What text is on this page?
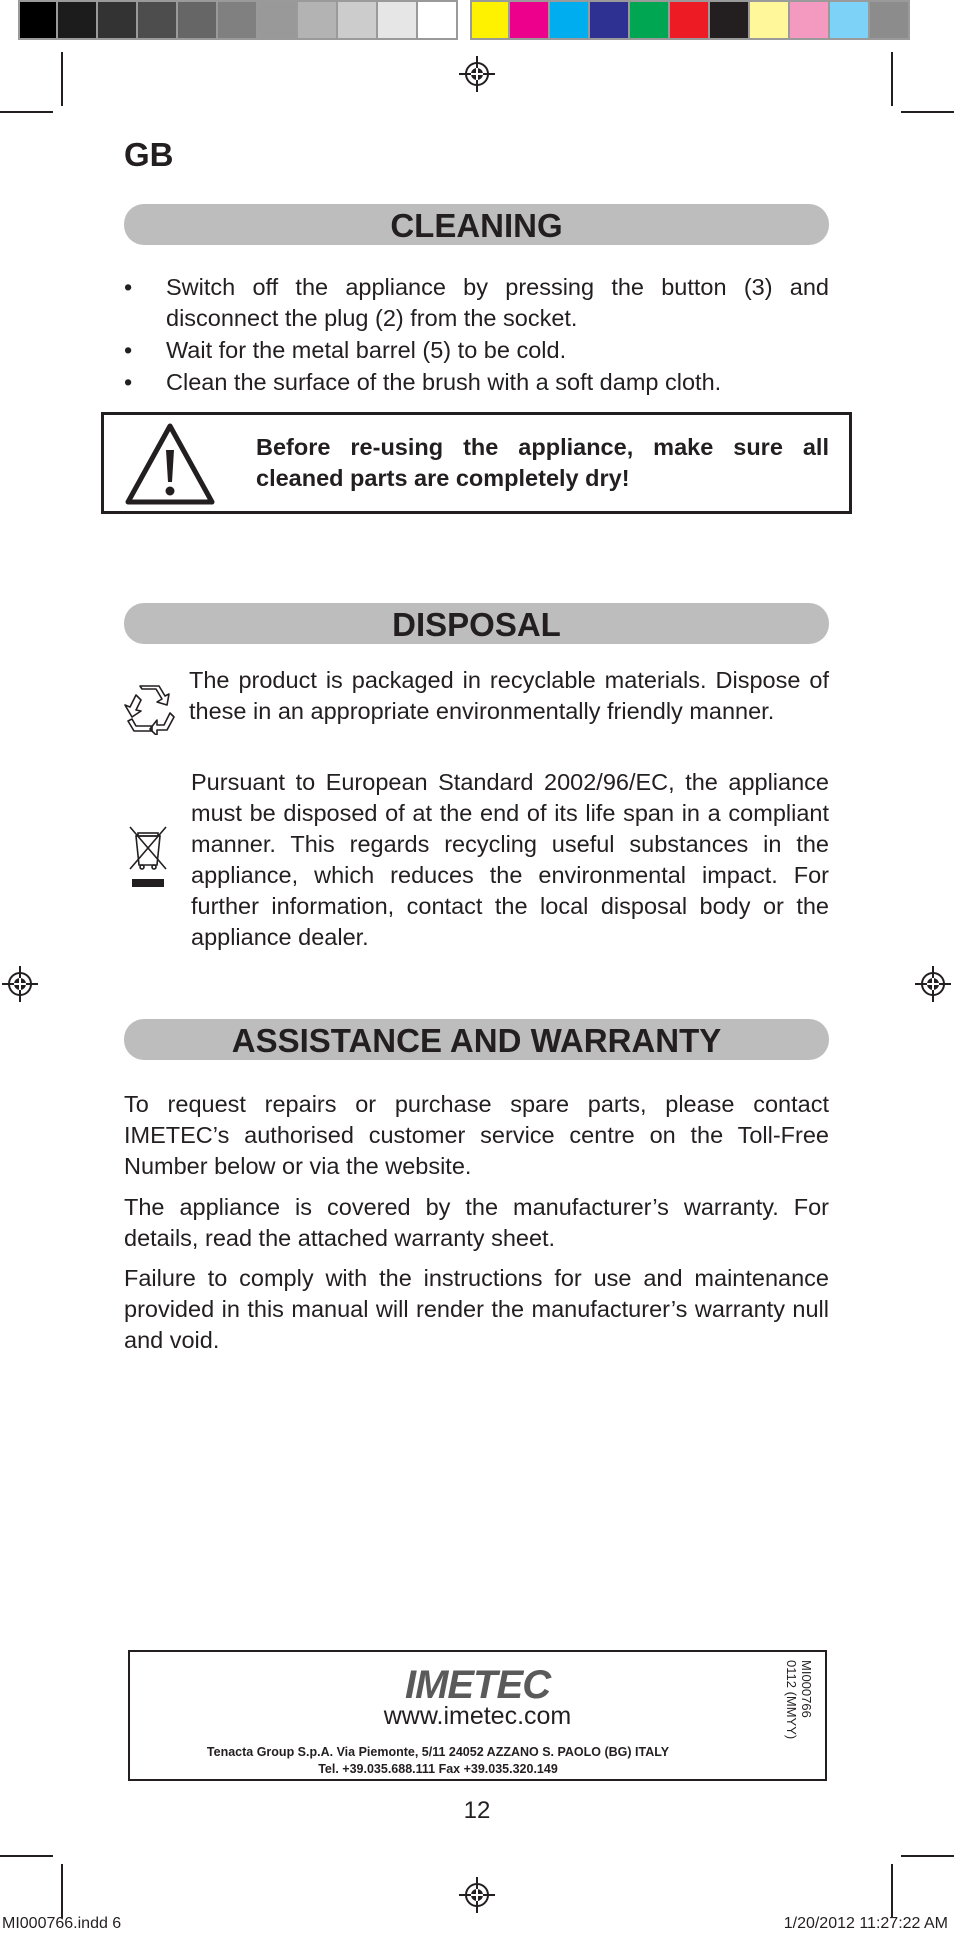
GB
CLEANING
• Switch off the appliance by pressing the button (3) and disconnect the plug (2) from the socket.
• Wait for the metal barrel (5) to be cold.
• Clean the surface of the brush with a soft damp cloth.
Before re-using the appliance, make sure all cleaned parts are completely dry!
DISPOSAL
The product is packaged in recyclable materials. Dispose of these in an appropriate environmentally friendly manner.
Pursuant to European Standard 2002/96/EC, the appliance must be disposed of at the end of its life span in a compliant manner. This regards recycling useful substances in the appliance, which reduces the environmental impact. For further information, contact the local disposal body or the appliance dealer.
ASSISTANCE AND WARRANTY
To request repairs or purchase spare parts, please contact IMETEC’s authorised customer service centre on the Toll-Free Number below or via the website.
The appliance is covered by the manufacturer’s warranty. For details, read the attached warranty sheet.
Failure to comply with the instructions for use and maintenance provided in this manual will render the manufacturer’s warranty null and void.
IMETEC
www.imetec.com
Tenacta Group S.p.A. Via Piemonte, 5/11 24052 AZZANO S. PAOLO (BG) ITALY
Tel. +39.035.688.111 Fax +39.035.320.149
MI000766
0112 (MMYY)
12
MI000766.indd 6	1/20/2012 11:27:22 AM
